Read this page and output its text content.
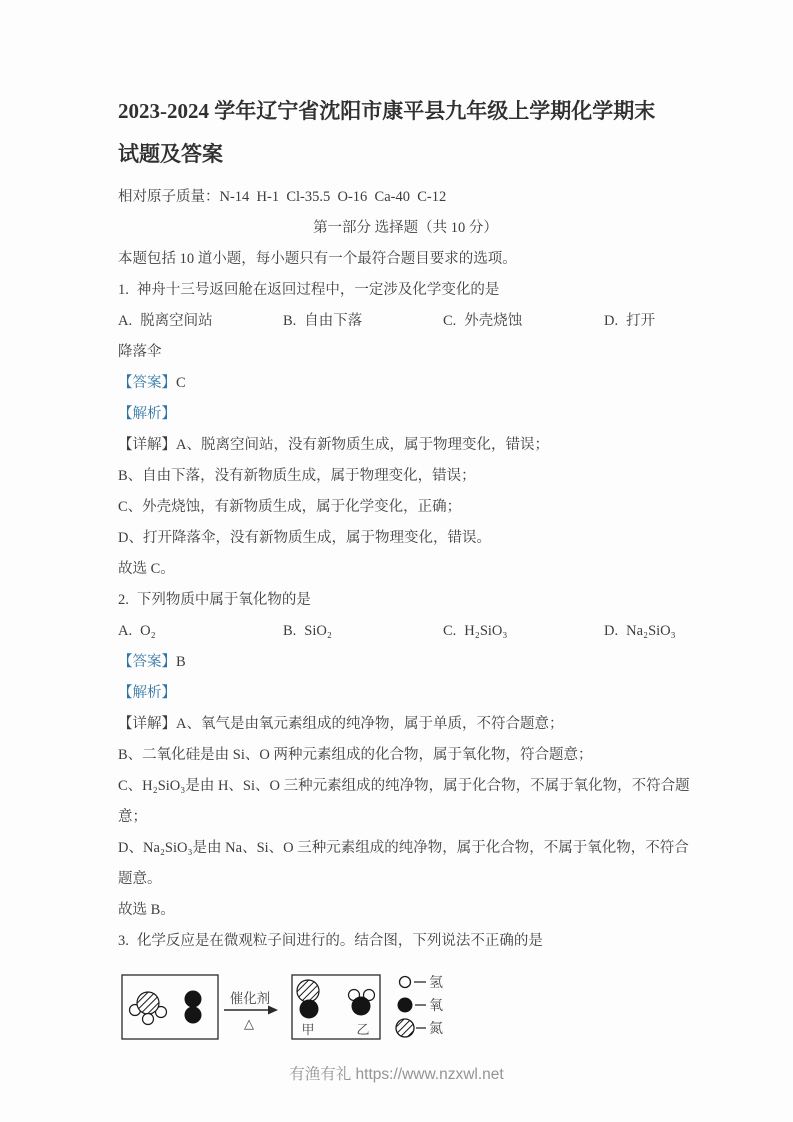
2023-2024 学年辽宁省沈阳市康平县九年级上学期化学期末
试题及答案

相对原子质量：N-14  H-1  Cl-35.5  O-16  Ca-40  C-12

第一部分 选择题（共 10 分）

本题包括 10 道小题，每小题只有一个最符合题目要求的选项。

1. 神舟十三号返回舱在返回过程中，一定涉及化学变化的是

A. 脱离空间站	B. 自由下落	C. 外壳烧蚀	D. 打开降落伞

【答案】C

【解析】

【详解】A、脱离空间站，没有新物质生成，属于物理变化，错误；

B、自由下落，没有新物质生成，属于物理变化，错误；

C、外壳烧蚀，有新物质生成，属于化学变化，正确；

D、打开降落伞，没有新物质生成，属于物理变化，错误。

故选 C。

2. 下列物质中属于氧化物的是

A. O₂	B. SiO₂	C. H₂SiO₃	D. Na₂SiO₃

【答案】B

【解析】

【详解】A、氧气是由氧元素组成的纯净物，属于单质，不符合题意；

B、二氧化硅是由 Si、O 两种元素组成的化合物，属于氧化物，符合题意；

C、H₂SiO₃是由 H、Si、O 三种元素组成的纯净物，属于化合物，不属于氧化物，不符合题意；

D、Na₂SiO₃是由 Na、Si、O 三种元素组成的纯净物，属于化合物，不属于氧化物，不符合题意。

故选 B。

3. 化学反应是在微观粒子间进行的。结合图，下列说法不正确的是

催化剂
△	甲	乙
氢
氧
氮
有渔有礼 https://www.nzxwl.net
